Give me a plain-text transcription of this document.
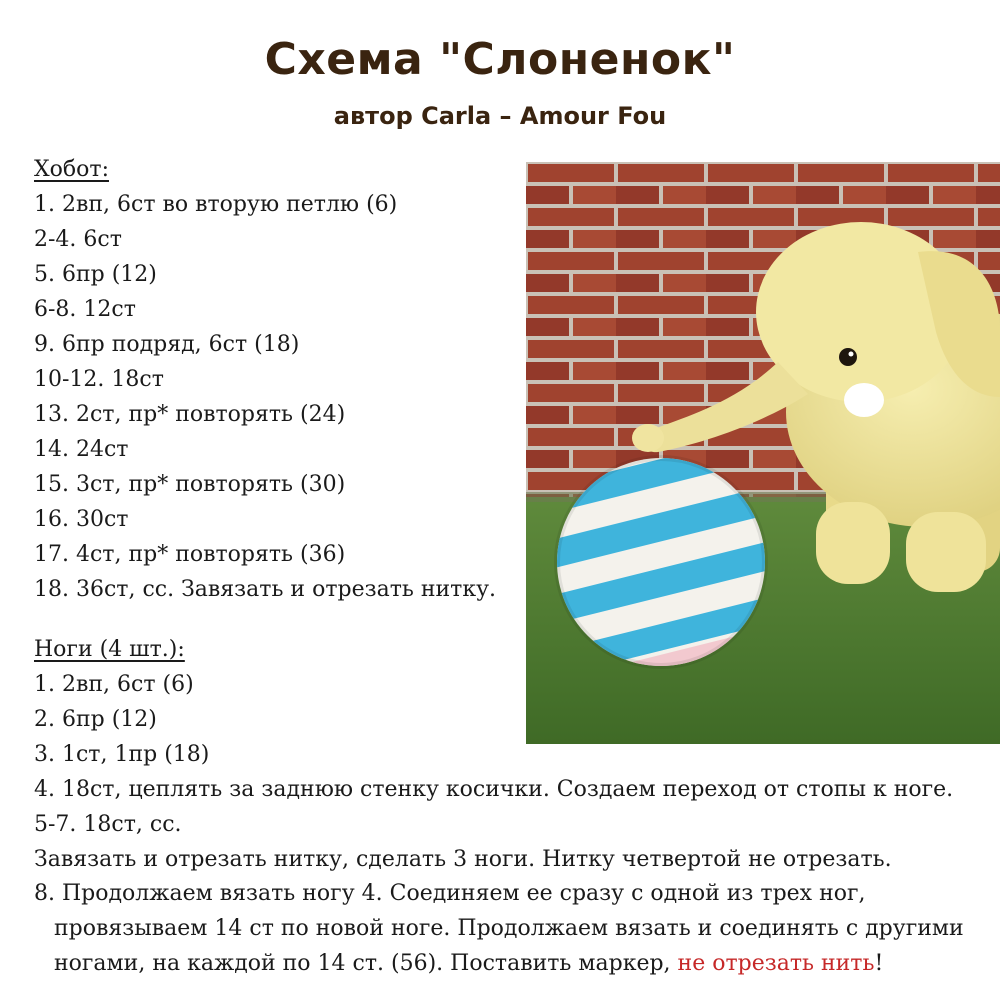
Схема "Слоненок"

автор Carla – Amour Fou

Хобот:
1. 2вп, 6ст во вторую петлю (6)
2-4. 6ст
5. 6пр (12)
6-8. 12ст
9. 6пр подряд, 6ст (18)
10-12. 18ст
13. 2ст, пр* повторять (24)
14. 24ст
15. 3ст, пр* повторять (30)
16. 30ст
17. 4ст, пр* повторять (36)
18. 36ст, сс. Завязать и отрезать нитку.
Ноги (4 шт.):
1. 2вп, 6ст (6)
2. 6пр (12)
3. 1ст, 1пр (18)
4. 18ст, цеплять за заднюю стенку косички. Создаем переход от стопы к ноге.
5-7. 18ст, сс.
Завязать и отрезать нитку, сделать 3 ноги. Нитку четвертой не отрезать.
8. Продолжаем вязать ногу 4. Соединяем ее сразу с одной из трех ног,
провязываем 14 ст по новой ноге. Продолжаем вязать и соединять с другими
ногами, на каждой по 14 ст. (56). Поставить маркер, не отрезать нить!
